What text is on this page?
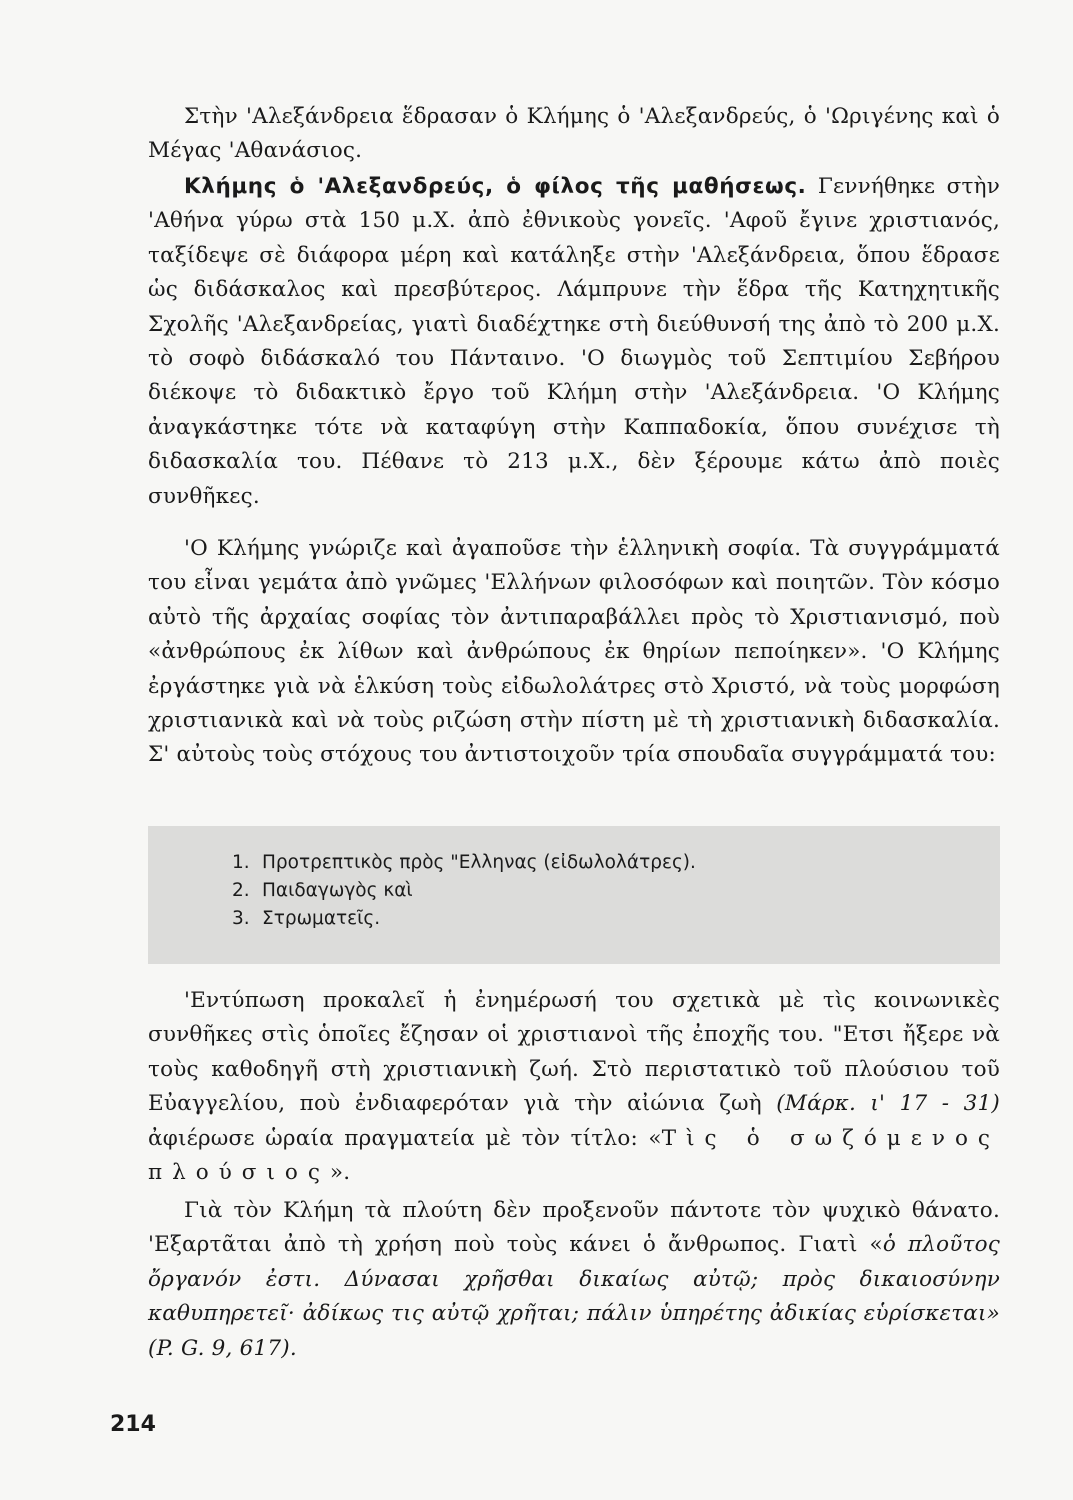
Στὴν 'Αλεξάνδρεια ἕδρασαν ὁ Κλήμης ὁ 'Αλεξανδρεύς, ὁ 'Ωριγένης καὶ ὁ Μέγας 'Αθανάσιος.

Κλήμης ὁ 'Αλεξανδρεύς, ὁ φίλος τῆς μαθήσεως. Γεννήθηκε στὴν 'Αθήνα γύρω στὰ 150 μ.Χ. ἀπὸ ἐθνικοὺς γονεῖς. 'Αφοῦ ἔγινε χριστιανός, ταξίδεψε σὲ διάφορα μέρη καὶ κατάληξε στὴν 'Αλεξάνδρεια, ὅπου ἕδρασε ὡς διδάσκαλος καὶ πρεσβύτερος. Λάμπρυνε τὴν ἕδρα τῆς Κατηχητικῆς Σχολῆς 'Αλεξανδρείας, γιατὶ διαδέχτηκε στὴ διεύθυνσή της ἀπὸ τὸ 200 μ.Χ. τὸ σοφὸ διδάσκαλό του Πάνταινο. 'Ο διωγμὸς τοῦ Σεπτιμίου Σεβήρου διέκοψε τὸ διδακτικὸ ἔργο τοῦ Κλήμη στὴν 'Αλεξάνδρεια. 'Ο Κλήμης ἀναγκάστηκε τότε νὰ καταφύγη στὴν Καππαδοκία, ὅπου συνέχισε τὴ διδασκαλία του. Πέθανε τὸ 213 μ.Χ., δὲν ξέρουμε κάτω ἀπὸ ποιὲς συνθῆκες.

'Ο Κλήμης γνώριζε καὶ ἀγαποῦσε τὴν ἑλληνικὴ σοφία. Τὰ συγγράμματά του εἶναι γεμάτα ἀπὸ γνῶμες 'Ελλήνων φιλοσόφων καὶ ποιητῶν. Τὸν κόσμο αὐτὸ τῆς ἀρχαίας σοφίας τὸν ἀντιπαραβάλλει πρὸς τὸ Χριστιανισμό, ποὺ «ἀνθρώπους ἐκ λίθων καὶ ἀνθρώπους ἐκ θηρίων πεποίηκεν». 'Ο Κλήμης ἐργάστηκε γιὰ νὰ ἑλκύση τοὺς εἰδωλολάτρες στὸ Χριστό, νὰ τοὺς μορφώση χριστιανικὰ καὶ νὰ τοὺς ριζώση στὴν πίστη μὲ τὴ χριστιανικὴ διδασκαλία. Σ' αὐτοὺς τοὺς στόχους του ἀντιστοιχοῦν τρία σπουδαῖα συγγράμματά του:

1. Προτρεπτικὸς πρὸς "Ελληνας (εἰδωλολάτρες).
2. Παιδαγωγὸς καὶ
3. Στρωματεῖς.

'Εντύπωση προκαλεῖ ἡ ἐνημέρωσή του σχετικὰ μὲ τὶς κοινωνικὲς συνθῆκες στὶς ὁποῖες ἔζησαν οἱ χριστιανοὶ τῆς ἐποχῆς του. "Ετσι ἤξερε νὰ τοὺς καθοδηγῆ στὴ χριστιανικὴ ζωή. Στὸ περιστατικὸ τοῦ πλούσιου τοῦ Εὐαγγελίου, ποὺ ἐνδιαφερόταν γιὰ τὴν αἰώνια ζωὴ (Μάρκ. ι' 17 - 31) ἀφιέρωσε ὡραία πραγματεία μὲ τὸν τίτλο: «Τὶς ὁ σωζόμενος πλούσιος».

Γιὰ τὸν Κλήμη τὰ πλούτη δὲν προξενοῦν πάντοτε τὸν ψυχικὸ θάνατο. 'Εξαρτᾶται ἀπὸ τὴ χρήση ποὺ τοὺς κάνει ὁ ἄνθρωπος. Γιατὶ «ὁ πλοῦτος ὄργανόν ἐστι. Δύνασαι χρῆσθαι δικαίως αὐτῷ; πρὸς δικαιοσύνην καθυπηρετεῖ· ἀδίκως τις αὐτῷ χρῆται; πάλιν ὑπηρέτης ἀδικίας εὑρίσκεται» (P. G. 9, 617).

214
